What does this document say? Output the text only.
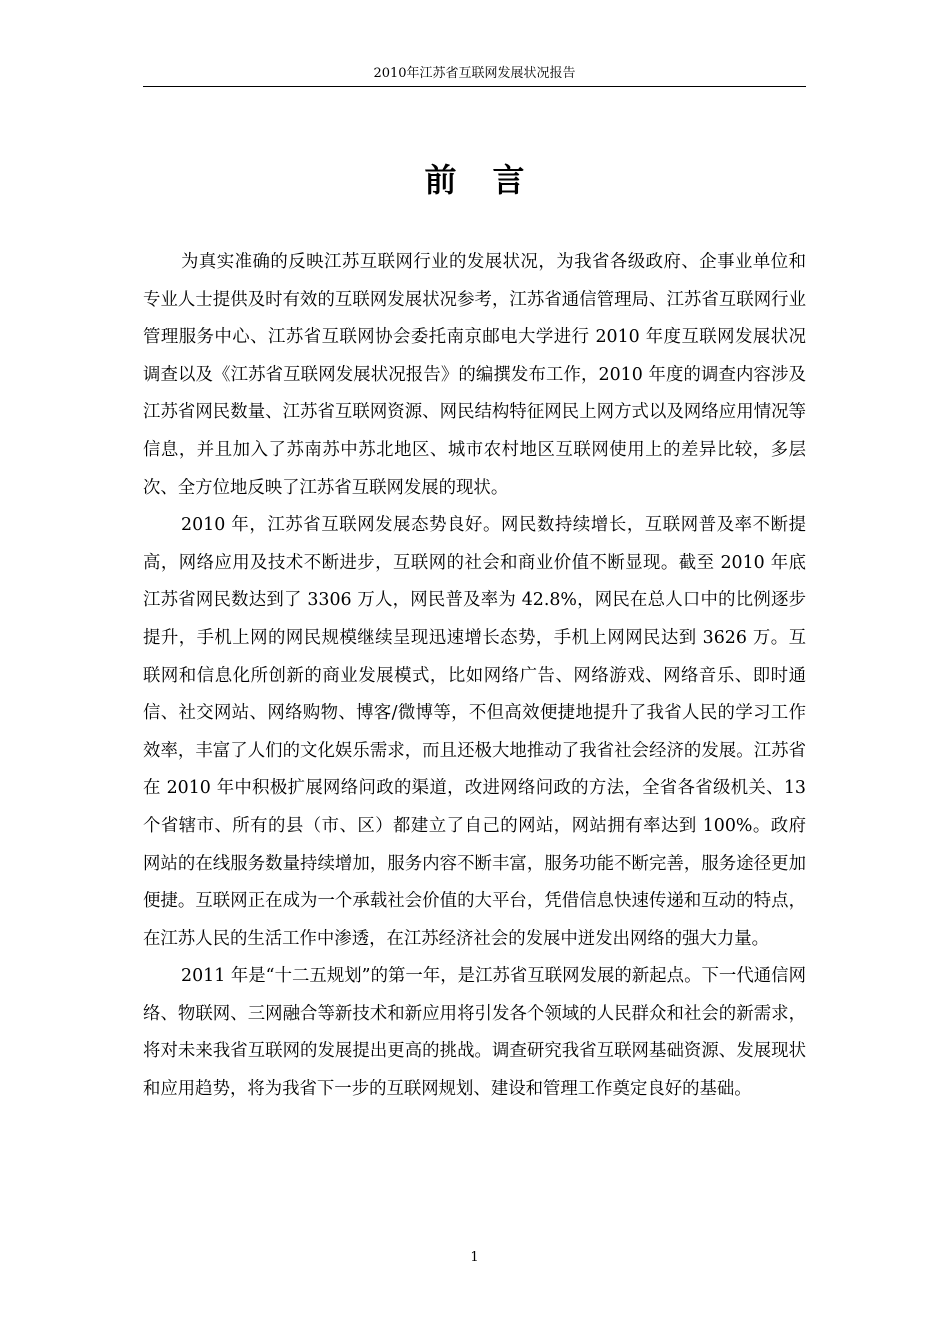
2010年江苏省互联网发展状况报告
前言

为真实准确的反映江苏互联网行业的发展状况，为我省各级政府、企事业单位和专业人士提供及时有效的互联网发展状况参考，江苏省通信管理局、江苏省互联网行业管理服务中心、江苏省互联网协会委托南京邮电大学进行 2010 年度互联网发展状况调查以及《江苏省互联网发展状况报告》的编撰发布工作，2010 年度的调查内容涉及江苏省网民数量、江苏省互联网资源、网民结构特征网民上网方式以及网络应用情况等信息，并且加入了苏南苏中苏北地区、城市农村地区互联网使用上的差异比较，多层次、全方位地反映了江苏省互联网发展的现状。

2010 年，江苏省互联网发展态势良好。网民数持续增长，互联网普及率不断提高，网络应用及技术不断进步，互联网的社会和商业价值不断显现。截至 2010 年底江苏省网民数达到了 3306 万人，网民普及率为 42.8%，网民在总人口中的比例逐步提升，手机上网的网民规模继续呈现迅速增长态势，手机上网网民达到 3626 万。互联网和信息化所创新的商业发展模式，比如网络广告、网络游戏、网络音乐、即时通信、社交网站、网络购物、博客/微博等，不但高效便捷地提升了我省人民的学习工作效率，丰富了人们的文化娱乐需求，而且还极大地推动了我省社会经济的发展。江苏省在 2010 年中积极扩展网络问政的渠道，改进网络问政的方法，全省各省级机关、13 个省辖市、所有的县（市、区）都建立了自己的网站，网站拥有率达到 100%。政府网站的在线服务数量持续增加，服务内容不断丰富，服务功能不断完善，服务途径更加便捷。互联网正在成为一个承载社会价值的大平台，凭借信息快速传递和互动的特点，在江苏人民的生活工作中渗透，在江苏经济社会的发展中迸发出网络的强大力量。

2011 年是“十二五规划”的第一年，是江苏省互联网发展的新起点。下一代通信网络、物联网、三网融合等新技术和新应用将引发各个领域的人民群众和社会的新需求，将对未来我省互联网的发展提出更高的挑战。调查研究我省互联网基础资源、发展现状和应用趋势，将为我省下一步的互联网规划、建设和管理工作奠定良好的基础。

1
